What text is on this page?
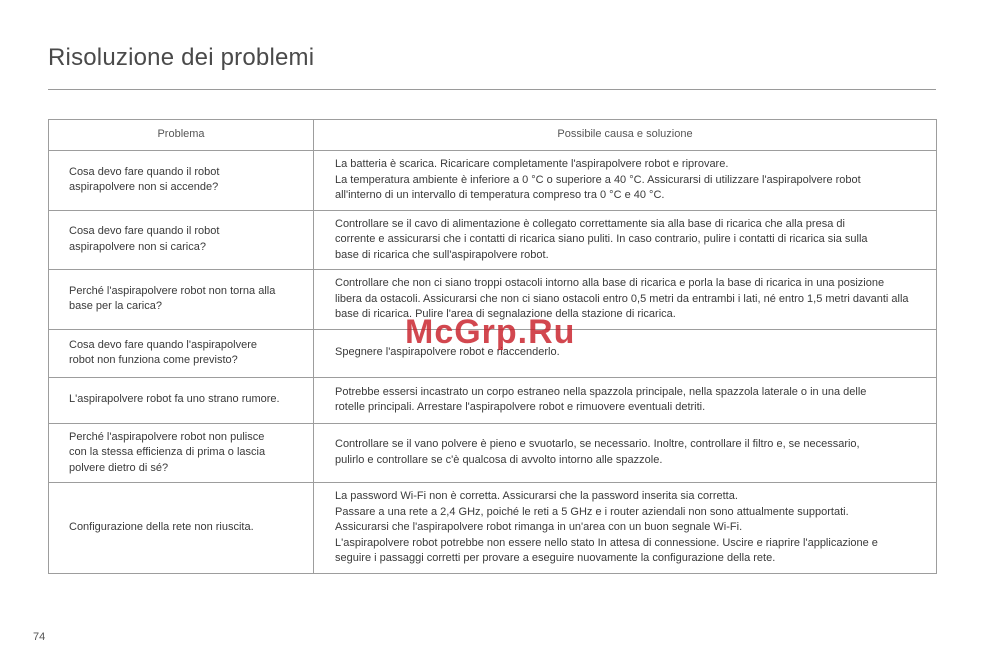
Risoluzione dei problemi
Problema	Possibile causa e soluzione

Cosa devo fare quando il robot
aspirapolvere non si accende?	La batteria è scarica. Ricaricare completamente l'aspirapolvere robot e riprovare.
La temperatura ambiente è inferiore a 0 °C o superiore a 40 °C. Assicurarsi di utilizzare l'aspirapolvere robot
all'interno di un intervallo di temperatura compreso tra 0 °C e 40 °C.

Cosa devo fare quando il robot
aspirapolvere non si carica?	Controllare se il cavo di alimentazione è collegato correttamente sia alla base di ricarica che alla presa di
corrente e assicurarsi che i contatti di ricarica siano puliti. In caso contrario, pulire i contatti di ricarica sia sulla
base di ricarica che sull'aspirapolvere robot.

Perché l'aspirapolvere robot non torna alla
base per la carica?	Controllare che non ci siano troppi ostacoli intorno alla base di ricarica e porla la base di ricarica in una posizione
libera da ostacoli. Assicurarsi che non ci siano ostacoli entro 0,5 metri da entrambi i lati, né entro 1,5 metri davanti alla
base di ricarica. Pulire l'area di segnalazione della stazione di ricarica.

Cosa devo fare quando l'aspirapolvere
robot non funziona come previsto?	Spegnere l'aspirapolvere robot e riaccenderlo.

L'aspirapolvere robot fa uno strano rumore.	Potrebbe essersi incastrato un corpo estraneo nella spazzola principale, nella spazzola laterale o in una delle
rotelle principali. Arrestare l'aspirapolvere robot e rimuovere eventuali detriti.

Perché l'aspirapolvere robot non pulisce
con la stessa efficienza di prima o lascia
polvere dietro di sé?	Controllare se il vano polvere è pieno e svuotarlo, se necessario. Inoltre, controllare il filtro e, se necessario,
pulirlo e controllare se c'è qualcosa di avvolto intorno alle spazzole.

Configurazione della rete non riuscita.	La password Wi-Fi non è corretta. Assicurarsi che la password inserita sia corretta.
Passare a una rete a 2,4 GHz, poiché le reti a 5 GHz e i router aziendali non sono attualmente supportati.
Assicurarsi che l'aspirapolvere robot rimanga in un'area con un buon segnale Wi-Fi.
L'aspirapolvere robot potrebbe non essere nello stato In attesa di connessione. Uscire e riaprire l'applicazione e
seguire i passaggi corretti per provare a eseguire nuovamente la configurazione della rete.
McGrp.Ru
74
